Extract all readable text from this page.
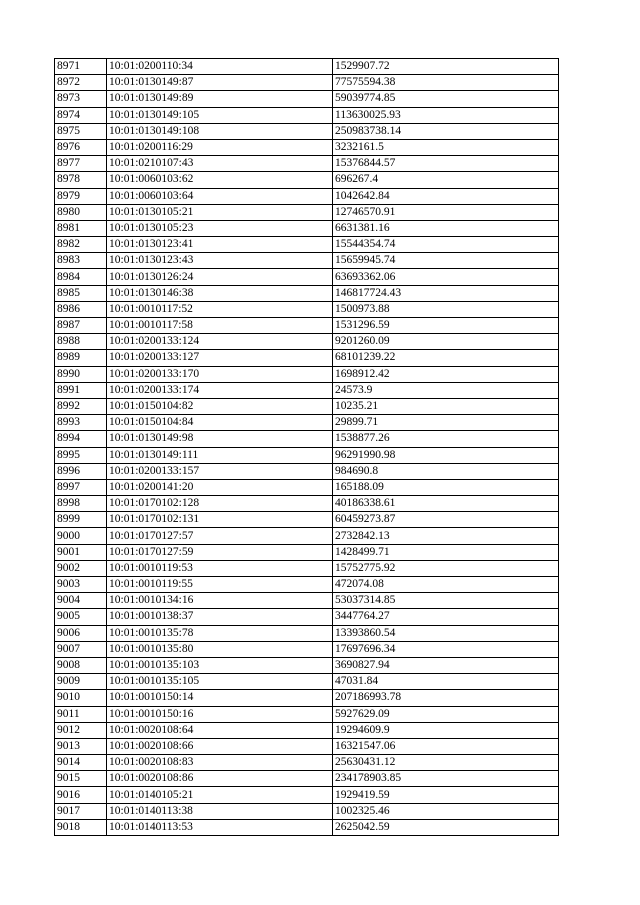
8971	10:01:0200110:34	1529907.72
8972	10:01:0130149:87	77575594.38
8973	10:01:0130149:89	59039774.85
8974	10:01:0130149:105	113630025.93
8975	10:01:0130149:108	250983738.14
8976	10:01:0200116:29	3232161.5
8977	10:01:0210107:43	15376844.57
8978	10:01:0060103:62	696267.4
8979	10:01:0060103:64	1042642.84
8980	10:01:0130105:21	12746570.91
8981	10:01:0130105:23	6631381.16
8982	10:01:0130123:41	15544354.74
8983	10:01:0130123:43	15659945.74
8984	10:01:0130126:24	63693362.06
8985	10:01:0130146:38	146817724.43
8986	10:01:0010117:52	1500973.88
8987	10:01:0010117:58	1531296.59
8988	10:01:0200133:124	9201260.09
8989	10:01:0200133:127	68101239.22
8990	10:01:0200133:170	1698912.42
8991	10:01:0200133:174	24573.9
8992	10:01:0150104:82	10235.21
8993	10:01:0150104:84	29899.71
8994	10:01:0130149:98	1538877.26
8995	10:01:0130149:111	96291990.98
8996	10:01:0200133:157	984690.8
8997	10:01:0200141:20	165188.09
8998	10:01:0170102:128	40186338.61
8999	10:01:0170102:131	60459273.87
9000	10:01:0170127:57	2732842.13
9001	10:01:0170127:59	1428499.71
9002	10:01:0010119:53	15752775.92
9003	10:01:0010119:55	472074.08
9004	10:01:0010134:16	53037314.85
9005	10:01:0010138:37	3447764.27
9006	10:01:0010135:78	13393860.54
9007	10:01:0010135:80	17697696.34
9008	10:01:0010135:103	3690827.94
9009	10:01:0010135:105	47031.84
9010	10:01:0010150:14	207186993.78
9011	10:01:0010150:16	5927629.09
9012	10:01:0020108:64	19294609.9
9013	10:01:0020108:66	16321547.06
9014	10:01:0020108:83	25630431.12
9015	10:01:0020108:86	234178903.85
9016	10:01:0140105:21	1929419.59
9017	10:01:0140113:38	1002325.46
9018	10:01:0140113:53	2625042.59
